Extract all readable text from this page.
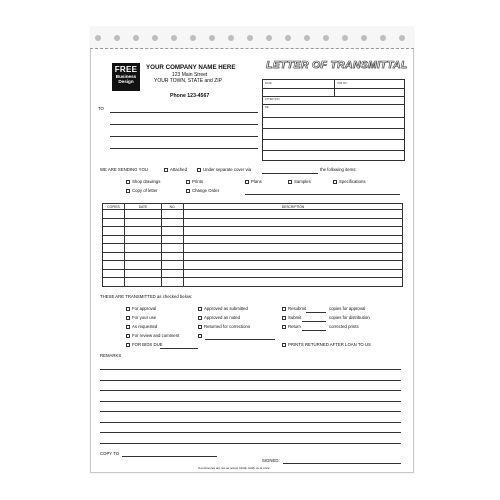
FREE
Business
Design
YOUR COMPANY NAME HERE
123 Main Street
YOUR TOWN, STATE and ZIP
Phone 123-4567
LETTER OF TRANSMITTAL
DATE	JOB NO.
ATTENTION
RE:
TO
WE ARE SENDING YOU	Attached	Under separate cover via	the following items:
Shop drawings	Prints	Plans	Samples	Specifications
Copy of letter	Change Order
COPIES	DATE	NO.	DESCRIPTION

THESE ARE TRANSMITTED as checked below:
For approval
For your use
As requested
For review and comment
FOR BIDS DUE
Approved as submitted
Approved as noted
Returned for corrections
Resubmit	copies for approval
Submit	copies for distribution
Return	corrected prints
PRINTS RETURNED AFTER LOAN TO US
REMARKS
COPY TO
SIGNED:
If enclosures are not as noted, kindly notify us at once.
